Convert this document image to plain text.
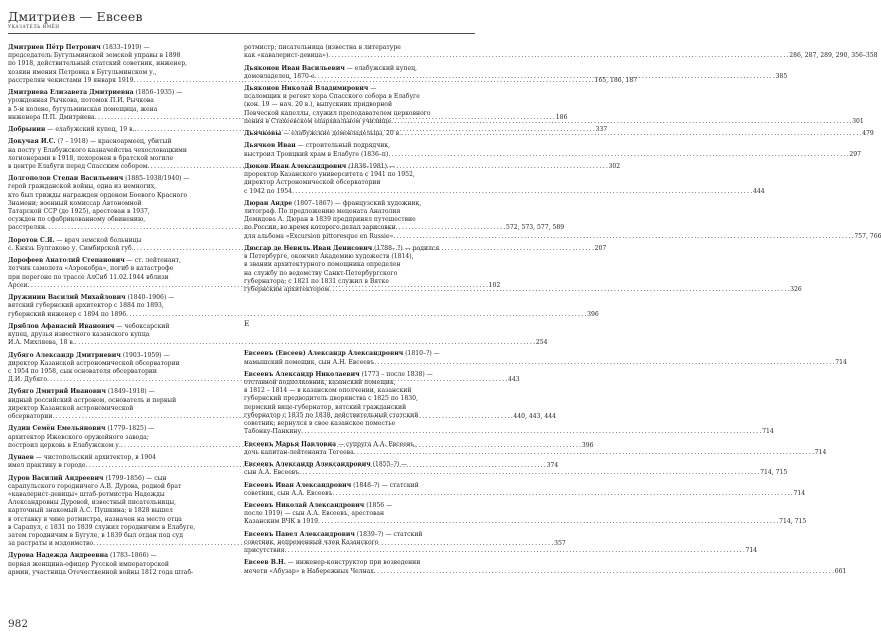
Дмитриев — Евсеев
УКАЗАТЕЛЬ ИМЁН
Дмитриев Пётр Петрович (1833–1919) —
председатель Бугульминской земской управы в 1898
по 1918, действительный статский советник, инженер,
хозяин имения Петровка в Бугульминском у.,
расстрелян чекистами 19 января 1919 . . .	165, 186, 187
Дмитриева Елизавета Дмитриевна (1856–1935) —
урожденная Рычкова, потомок П.И. Рычкова
в 5-м колене, бугульминская помещица, жена
инженера П.П. Дмитриева . . .	186
Добрынин — елабужский купец, 19 в. . . .	337
Докучая И.С. (? – 1918) — красноармеец, убитый
на посту у Елабужского казначейства чехословацкими
легионерами в 1918, похоронен в братской могиле
в центре Елабуги перед Спасским собором . . .	302
Долгополов Степан Васильевич (1885–1938/1940) —
герой гражданской войны, одна из немногих,
кто был трижды награжден орденом Боевого Красного
Знамени; военный комиссар Автономной
Татарской ССР (до 1925), арестован в 1937,
осужден по сфабрикованному обвинению,
расстрелян . . .	572, 573, 577, 589
Доротов С.Я. — врач земской больницы
с. Князь Булгаково у. Симбирской губ. . . .	207
Дорофеев Анатолий Степанович — ст. лейтенант,
летчик самолета «Аэрокобра», погиб в катастрофе
при перегоне по трассе АлСиб 11.02.1944 вблизи
Арсеи . . .	102
Дружинин Василий Михайлович (1840–1906) —
вятский губернский архитектор с 1884 по 1893,
губернский инженер с 1894 по 1896 . . .	396
Дряблов Афанасий Иванович — чебоксарский
купец, друзья известного казанского купца
И.А. Михляева, 18 в. . . .	254
Дубяго Александр Дмитриевич (1903–1959) —
директор Казанской астрономической обсерватории
с 1954 по 1958, сын основателя обсерватории
Д.И. Дубяго . . .	443
Дубяго Дмитрий Иванович (1849–1918) —
видный российский астроном, основатель и первый
директор Казанской астрономической
обсерватории . . .	440, 443, 444
Дудин Семён Емельянович (1779–1825) —
архитектор Ижевского оружейного завода;
построил церковь в Елабужском у. . . .	396
Дунаев — чистопольский архитектор, в 1904
имел практику в городе . . .	374
Дуров Василий Андреевич (1799–1856) — сын
сарапульского городничего А.В. Дурова, родной брат
«кавалерист-девицы» штаб-ротмистра Надежды
Александровны Дуровой, известный писательницы,
карточный знакомый А.С. Пушкина; в 1828 вышел
в отставку в чине ротмистра, назначен на место отца
в Сарапул, с 1831 по 1839 служил городничим в Елабуге,
затем городничим в Бугуле, в 1839 был отдан под суд
за растраты и мздоимство . . .	357
Дурова Надежда Андреевна (1783–1866) —
первая женщина-офицер Русской императорской
армии, участница Отечественной войны 1812 года штаб-
ротмистр; писательница (известна в литературе
как «кавалерист-девица») . . .	286, 287, 289, 290, 356–358
Дьяконов Иван Васильевич — елабужский купец,
домовладелец, 1870-е . . .	385
Дьяконов Николай Владимирович —
псаломщик и регент хора Спасского собора в Елабуге
(кон. 19 — нач. 20 в.), выпускник придворной
Певческой капеллы, служил преподавателем церковного
пения в Стахеевском епархиальном училище . . .	301
Дьячковы — елабужские домовладельцы, 20 в. . . .	479
Дьячков Иван — строительный подрядчик,
выстроил Троицкий храм в Елабуге (1836–п) . . .	297
Дюков Иван Александрович (1838–1981) —
проректор Казанского университета с 1941 по 1952,
директор Астрономической обсерватории
с 1942 по 1954 . . .	444
Дюран Андре (1807–1867) — французский художник,
литограф. По предложению мецената Анатолия
Демидова А. Дюран в 1839 предпринял путешествие
по России, во время которого делал зарисовки
для альбома «Excursion pittoresque en Russie» . . .	757, 766
Дюсгар де Невиль Иван Денисович (1788– ?) — родился
в Петербурге, окончил Академию художеств (1814),
в звании архитектурного помощника определен
на службу по ведомству Санкт-Петербургского
губернатора; с 1821 по 1831 служил в Вятке
губернским архитектором . . .	326
Е
Евсеевъ (Евсеев) Александр Александрович (1810–?) —
мамышский помещик, сын А.Н. Евсеевъ . . .	714
Евсеевъ Александр Николаевич (1773 – после 1838) —
отставной подполковник, казанский помещик,
в 1812 – 1814 — в казанском ополчении, казанский
губернский предводитель дворянства с 1825 по 1830,
пермский вице-губернатор, вятский гражданский
губернатор с 1835 по 1838, действительный статский
советник; вернулся в свое казанское поместье
Табонку-Панкину . . .	714
Евсеевъ Марья Павловна — супруга А.А. Евсеевъ,
дочь капитан-лейтенанта Тегеева . . .	714
Евсеевъ Александр Александрович (1855–?) —
сын А.А. Евсеевъ . . .	714, 715
Евсеевъ Иван Александрович (1848–?) — статский
советник, сын А.А. Евсеевъ . . .	714
Евсеевъ Николай Александрович (1856 —
после 1919) — сын А.А. Евсеевъ, арестован
Казанским ВЧК в 1919 . . .	714, 715
Евсеевъ Павел Александрович (1839–?) — статский
советник, непременный член Казанского
присутствия . . .	714
Евсеев В.Н. — инженер-конструктор при возведении
мечети «Абузар» в Набережных Челнах . . .	661
982
